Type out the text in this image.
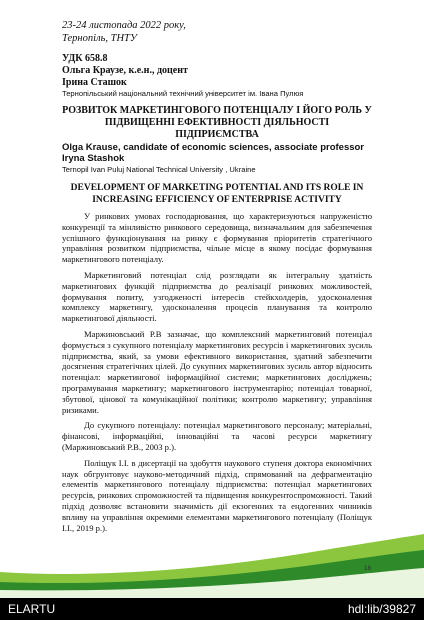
23-24 листопада 2022 року,
Тернопіль, ТНТУ
УДК 658.8
Ольга Краузе, к.е.н., доцент
Ірина Сташок
Тернопільський національний технічний університет ім. Івана Пулюя
РОЗВИТОК МАРКЕТИНГОВОГО ПОТЕНЦІАЛУ І ЙОГО РОЛЬ У ПІДВИЩЕННІ ЕФЕКТИВНОСТІ ДІЯЛЬНОСТІ ПІДПРИЄМСТВА
Olga Krause, candidate of economic sciences, associate professor
Iryna Stashok
Ternopil Ivan Puluj National Technical University , Ukraine
DEVELOPMENT OF MARKETING POTENTIAL AND ITS ROLE IN INCREASING EFFICIENCY OF ENTERPRISE ACTIVITY

У ринкових умовах господарювання, що характеризуються напруженістю конкуренції та мінливістю ринкового середовища, визначальним для забезпечення успішного функціонування на ринку є формування пріоритетів стратегічного управління розвитком підприємства, чільне місце в якому посідає формування маркетингового потенціалу.

Маркетинговий потенціал слід розглядати як інтегральну здатність маркетингових функцій підприємства до реалізації ринкових можливостей, формування попиту, узгодженості інтересів стейкхолдерів, удосконалення комплексу маркетингу, удосконалення процесів планування та контролю маркетингової діяльності.

Маржиновський Р.В зазначає, що комплексний маркетинговий потенціал формується з сукупного потенціалу маркетингових ресурсів і маркетингових зусиль підприємства, який, за умови ефективного використання, здатний забезпечити досягнення стратегічних цілей. До сукупних маркетингових зусиль автор відносить потенціал: маркетингової інформаційної системи; маркетингових досліджень; програмування маркетингу; маркетингового інструментарію; потенціал товарної, збутової, цінової та комунікаційної політики; контролю маркетингу; управління ризиками.

До сукупного потенціалу: потенціал маркетингового персоналу; матеріальні, фінансові, інформаційні, інноваційні та часові ресурси маркетингу (Маржиновський Р.В., 2003 р.).

Поліщук І.І. в дисертації на здобуття наукового ступеня доктора економічних наук обгрунтовує науково-методичний підхід, спрямований на дефрагментацію елементів маркетингового потенціалу підприємства: потенціал маркетингових ресурсів, ринкових спроможностей та підвищення конкурентоспроможності. Такий підхід дозволяє встановити значимість дії екзогенних та ендогенних чинників впливу на управління окремими елементами маркетингового потенціалу (Поліщук І.І., 2019 р.).

16
ELARTU	hdl:lib/39827
